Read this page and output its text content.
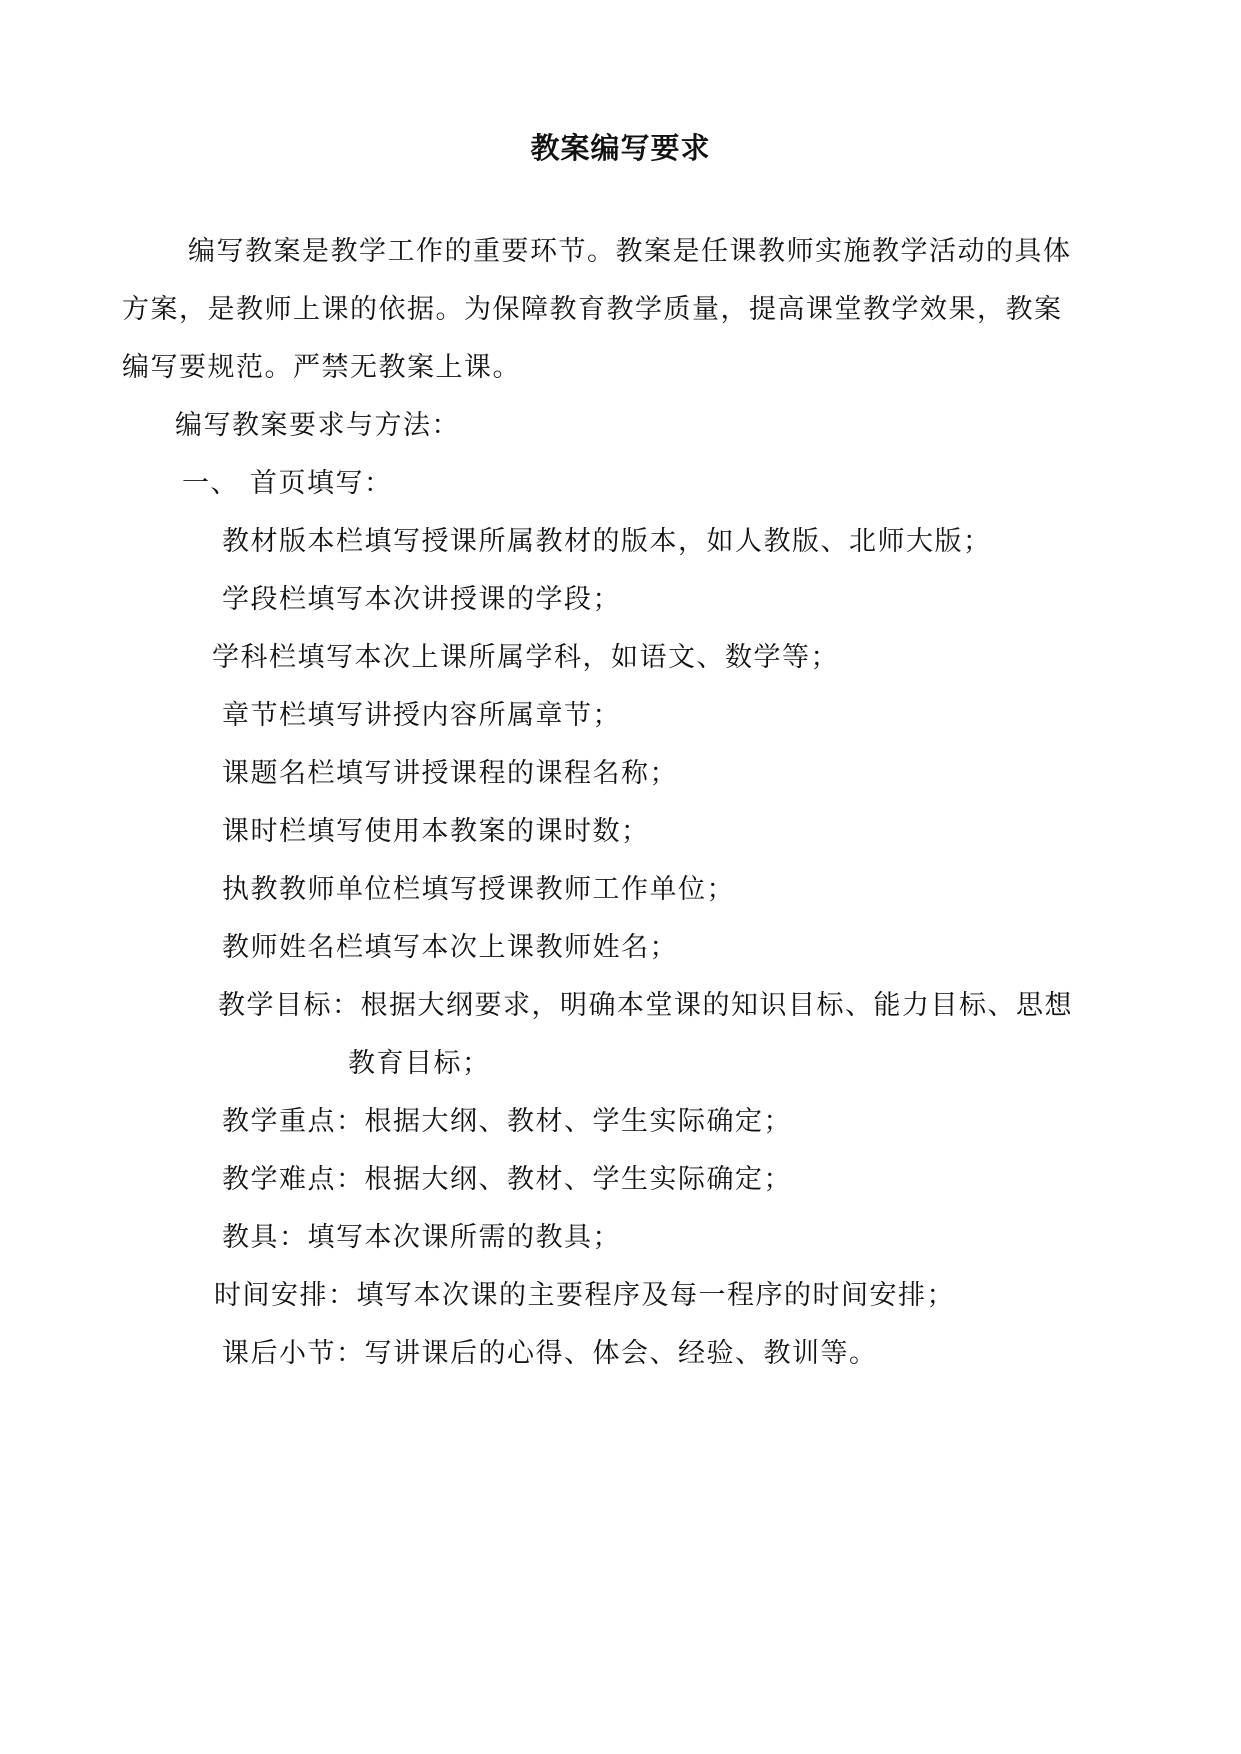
教案编写要求
编写教案是教学工作的重要环节。教案是任课教师实施教学活动的具体
方案，是教师上课的依据。为保障教育教学质量，提高课堂教学效果，教案
编写要规范。严禁无教案上课。
编写教案要求与方法：
一、 首页填写：
教材版本栏填写授课所属教材的版本，如人教版、北师大版；
学段栏填写本次讲授课的学段；
学科栏填写本次上课所属学科，如语文、数学等；
章节栏填写讲授内容所属章节；
课题名栏填写讲授课程的课程名称；
课时栏填写使用本教案的课时数；
执教教师单位栏填写授课教师工作单位；
教师姓名栏填写本次上课教师姓名；
教学目标：根据大纲要求，明确本堂课的知识目标、能力目标、思想
教育目标；
教学重点：根据大纲、教材、学生实际确定；
教学难点：根据大纲、教材、学生实际确定；
教具：填写本次课所需的教具；
时间安排：填写本次课的主要程序及每一程序的时间安排；
课后小节：写讲课后的心得、体会、经验、教训等。
